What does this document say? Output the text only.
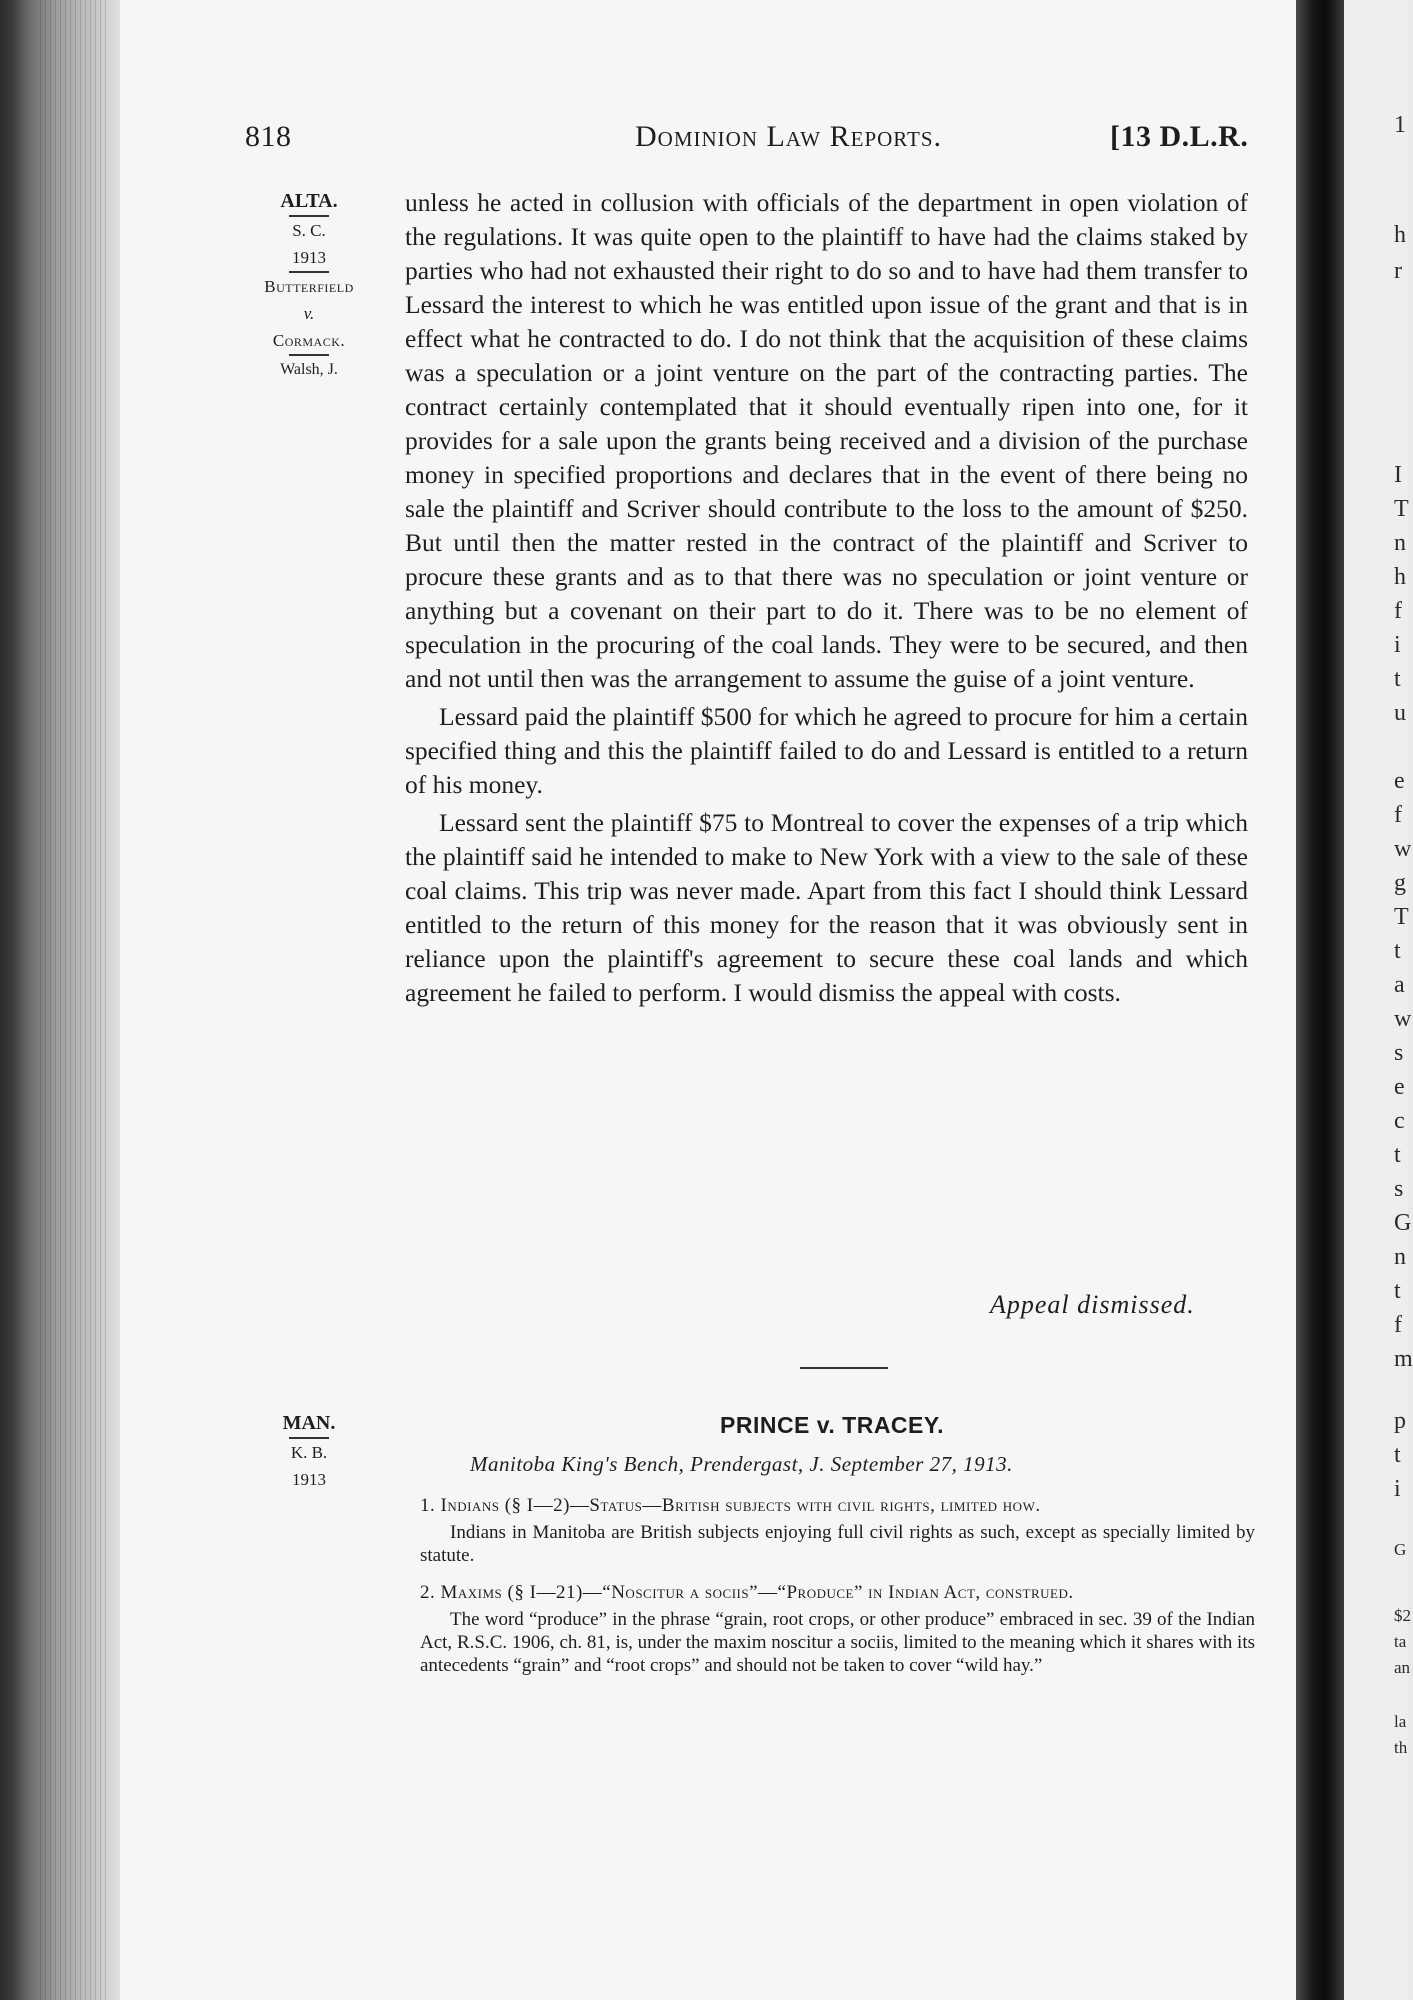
818	Dominion Law Reports.	[13 D.L.R.
ALTA.
S. C.
1913
Butterfield
v.
Cormack.
Walsh, J.

unless he acted in collusion with officials of the department in open violation of the regulations. It was quite open to the plaintiff to have had the claims staked by parties who had not exhausted their right to do so and to have had them transfer to Lessard the interest to which he was entitled upon issue of the grant and that is in effect what he contracted to do. I do not think that the acquisition of these claims was a speculation or a joint venture on the part of the contracting parties. The contract certainly contemplated that it should eventually ripen into one, for it provides for a sale upon the grants being received and a division of the purchase money in specified proportions and declares that in the event of there being no sale the plaintiff and Scriver should contribute to the loss to the amount of $250. But until then the matter rested in the contract of the plaintiff and Scriver to procure these grants and as to that there was no speculation or joint venture or anything but a covenant on their part to do it. There was to be no element of speculation in the procuring of the coal lands. They were to be secured, and then and not until then was the arrangement to assume the guise of a joint venture.

Lessard paid the plaintiff $500 for which he agreed to procure for him a certain specified thing and this the plaintiff failed to do and Lessard is entitled to a return of his money.

Lessard sent the plaintiff $75 to Montreal to cover the expenses of a trip which the plaintiff said he intended to make to New York with a view to the sale of these coal claims. This trip was never made. Apart from this fact I should think Lessard entitled to the return of this money for the reason that it was obviously sent in reliance upon the plaintiff's agreement to secure these coal lands and which agreement he failed to perform. I would dismiss the appeal with costs.

Appeal dismissed.
MAN.
K. B.
1913
PRINCE v. TRACEY.
Manitoba King's Bench, Prendergast, J. September 27, 1913.

1. Indians (§ I—2)—Status—British subjects with civil rights, limited how.

Indians in Manitoba are British subjects enjoying full civil rights as such, except as specially limited by statute.

2. Maxims (§ I—21)—“Noscitur a sociis”—“Produce” in Indian Act, construed.

The word “produce” in the phrase “grain, root crops, or other produce” embraced in sec. 39 of the Indian Act, R.S.C. 1906, ch. 81, is, under the maxim noscitur a sociis, limited to the meaning which it shares with its antecedents “grain” and “root crops” and should not be taken to cover “wild hay.”

1
h
r
I
T
n
h
f
i
t
u
e
f
w
g
T
t
a
w
s
e
c
t
s
G
n
t
f
m
p
t
i
G
$2
ta
an
la
th
